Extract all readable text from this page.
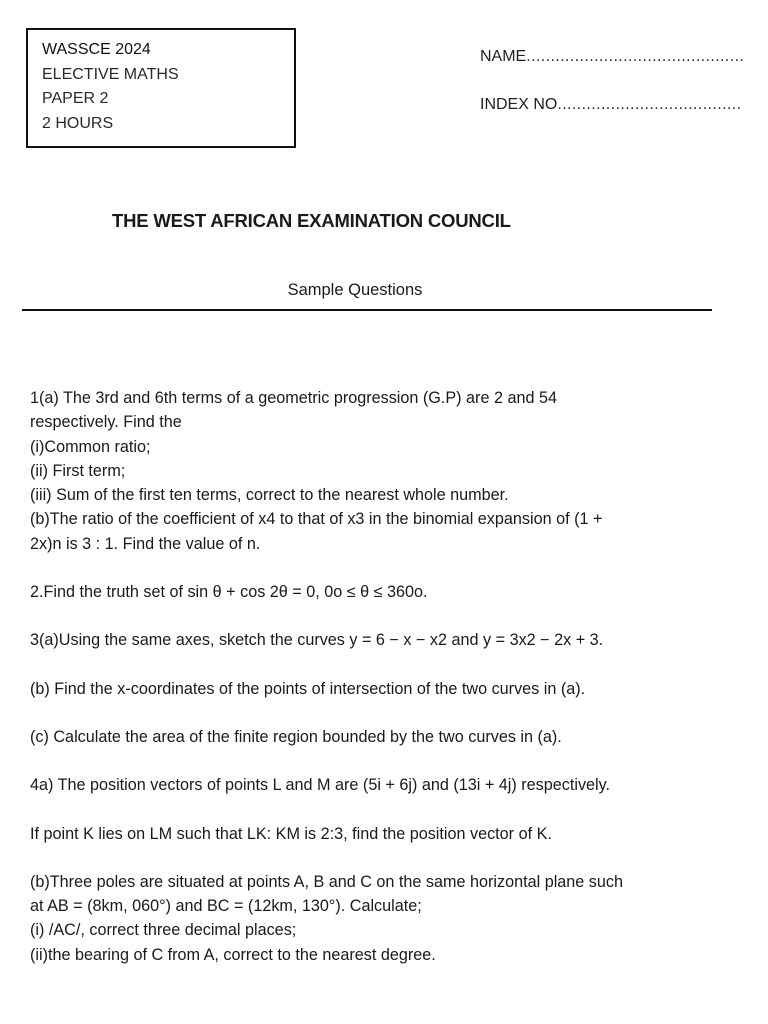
WASSCE 2024
ELECTIVE MATHS
PAPER 2
2 HOURS
NAME.............................................
INDEX NO......................................
THE WEST AFRICAN EXAMINATION COUNCIL
Sample Questions
1(a) The 3rd and 6th terms of a geometric progression (G.P) are 2 and 54
respectively. Find the
(i)Common ratio;
(ii) First term;
(iii) Sum of the first ten terms, correct to the nearest whole number.
(b)The ratio of the coefficient of x4 to that of x3 in the binomial expansion of (1 +
2x)n is 3 : 1. Find the value of n.
2.Find the truth set of sin θ + cos 2θ = 0, 0o ≤ θ ≤ 360o.
3(a)Using the same axes, sketch the curves y = 6 − x − x2 and y = 3x2 − 2x + 3.
(b) Find the x-coordinates of the points of intersection of the two curves in (a).
(c) Calculate the area of the finite region bounded by the two curves in (a).
4a) The position vectors of points L and M are (5i + 6j) and (13i + 4j) respectively.
If point K lies on LM such that LK: KM is 2:3, find the position vector of K.
(b)Three poles are situated at points A, B and C on the same horizontal plane such
at AB = (8km, 060°) and BC = (12km, 130°). Calculate;
(i) /AC/, correct three decimal places;
(ii)the bearing of C from A, correct to the nearest degree.
